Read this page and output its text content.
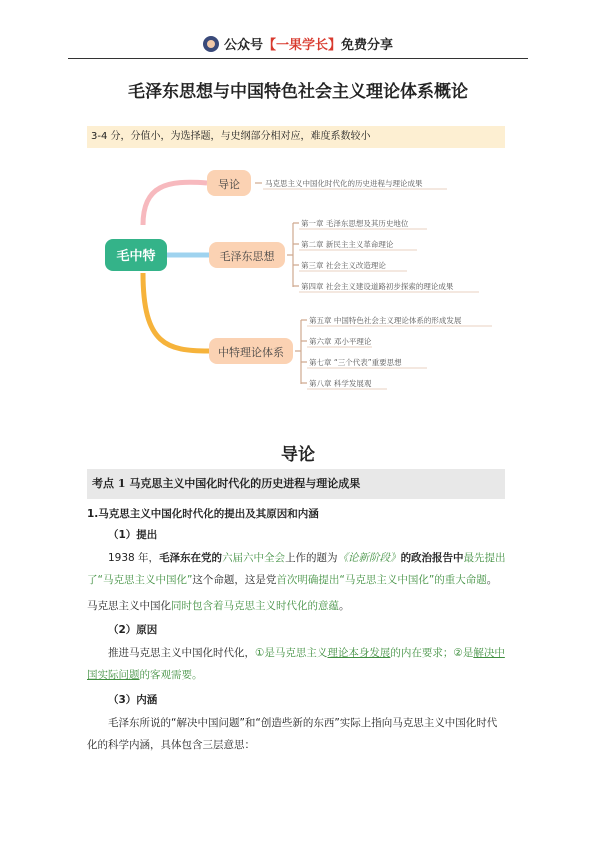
公众号【一果学长】免费分享
毛泽东思想与中国特色社会主义理论体系概论
3-4 分，分值小，为选择题，与史纲部分相对应，难度系数较小
毛中特
导论
毛泽东思想
中特理论体系
马克思主义中国化时代化的历史进程与理论成果
第一章 毛泽东思想及其历史地位
第二章 新民主主义革命理论
第三章 社会主义改造理论
第四章 社会主义建设道路初步探索的理论成果
第五章 中国特色社会主义理论体系的形成发展
第六章 邓小平理论
第七章 “三个代表”重要思想
第八章 科学发展观
导论
考点 1 马克思主义中国化时代化的历史进程与理论成果
1.马克思主义中国化时代化的提出及其原因和内涵
（1）提出
1938 年，毛泽东在党的六届六中全会上作的题为《论新阶段》的政治报告中最先提出了“马克思主义中国化”这个命题，这是党首次明确提出“马克思主义中国化”的重大命题。
马克思主义中国化同时包含着马克思主义时代化的意蕴。
（2）原因
推进马克思主义中国化时代化，①是马克思主义理论本身发展的内在要求；②是解决中国实际问题的客观需要。
（3）内涵
毛泽东所说的“解决中国问题”和“创造些新的东西”实际上指向马克思主义中国化时代化的科学内涵，具体包含三层意思：
